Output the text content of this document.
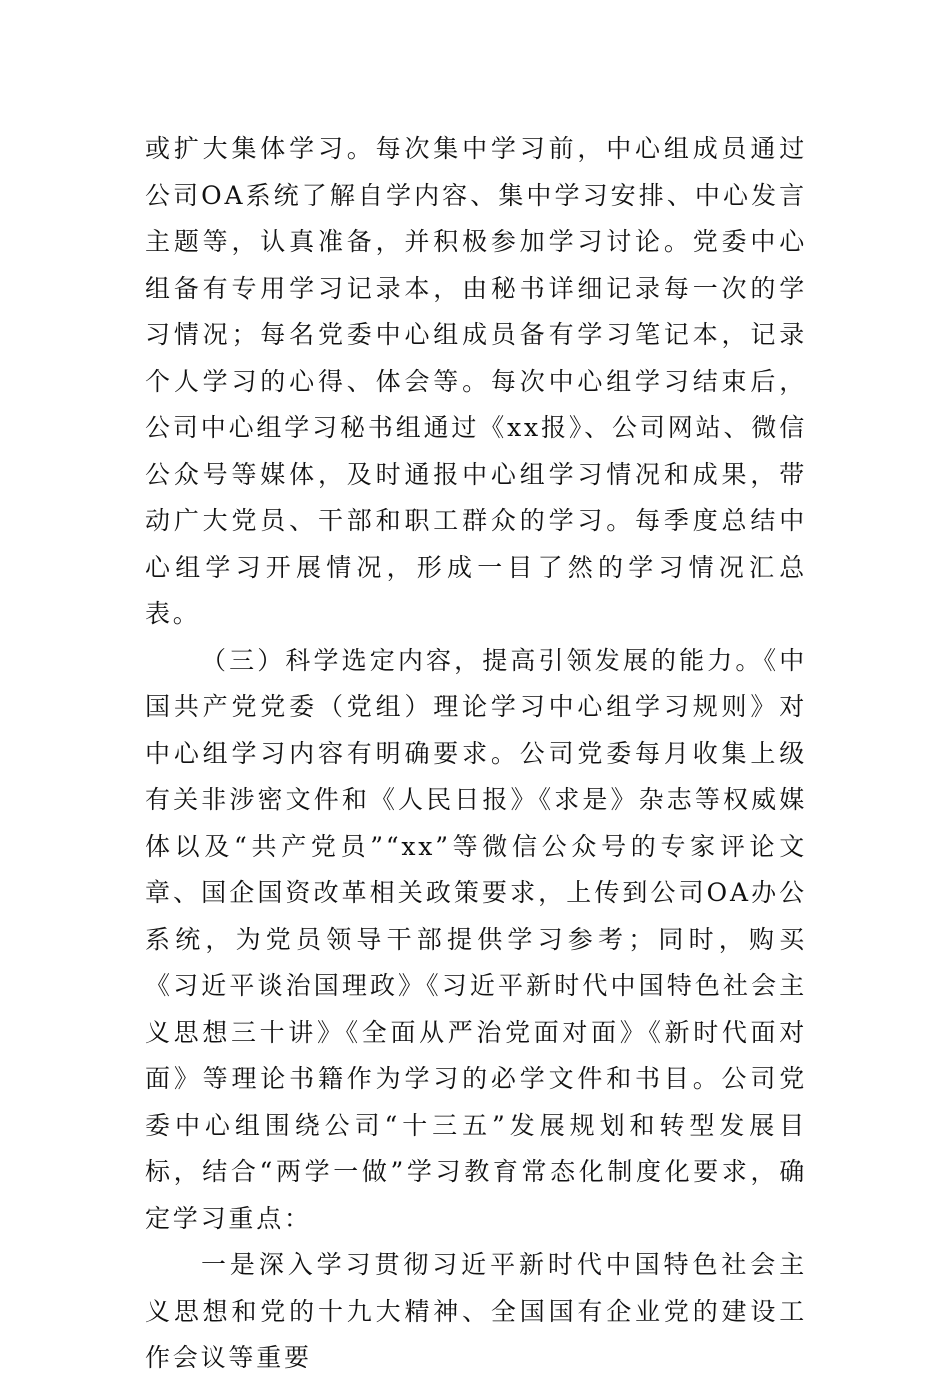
或扩大集体学习。每次集中学习前，中心组成员通过公司OA系统了解自学内容、集中学习安排、中心发言主题等，认真准备，并积极参加学习讨论。党委中心组备有专用学习记录本，由秘书详细记录每一次的学习情况；每名党委中心组成员备有学习笔记本，记录个人学习的心得、体会等。每次中心组学习结束后，公司中心组学习秘书组通过《xx报》、公司网站、微信公众号等媒体，及时通报中心组学习情况和成果，带动广大党员、干部和职工群众的学习。每季度总结中心组学习开展情况，形成一目了然的学习情况汇总表。

（三）科学选定内容，提高引领发展的能力。《中国共产党党委（党组）理论学习中心组学习规则》对中心组学习内容有明确要求。公司党委每月收集上级有关非涉密文件和《人民日报》《求是》杂志等权威媒体以及“共产党员”“xx”等微信公众号的专家评论文章、国企国资改革相关政策要求，上传到公司OA办公系统，为党员领导干部提供学习参考；同时，购买《习近平谈治国理政》《习近平新时代中国特色社会主义思想三十讲》《全面从严治党面对面》《新时代面对面》等理论书籍作为学习的必学文件和书目。公司党委中心组围绕公司“十三五”发展规划和转型发展目标，结合“两学一做”学习教育常态化制度化要求，确定学习重点：

一是深入学习贯彻习近平新时代中国特色社会主义思想和党的十九大精神、全国国有企业党的建设工作会议等重要
